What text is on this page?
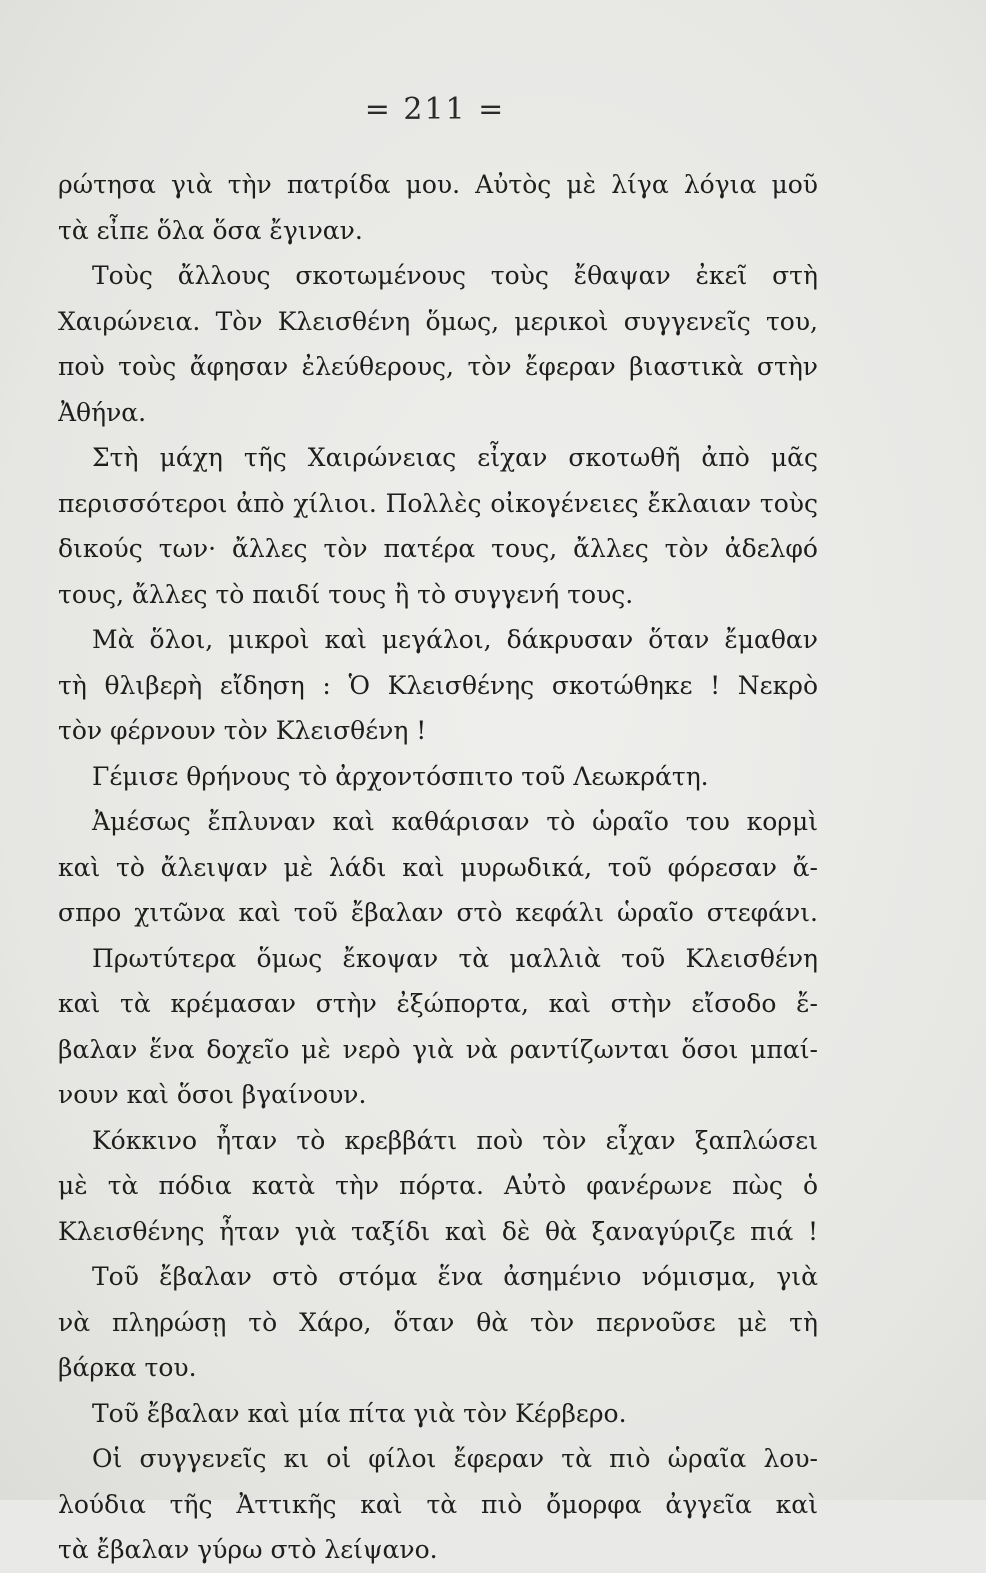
= 211 =
ρώτησα γιὰ τὴν πατρίδα μου. Αὐτὸς μὲ λίγα λόγια μοῦ
τὰ εἶπε ὅλα ὅσα ἔγιναν.
Τοὺς ἄλλους σκοτωμένους τοὺς ἔθαψαν ἐκεῖ στὴ
Χαιρώνεια. Τὸν Κλεισθένη ὅμως, μερικοὶ συγγενεῖς του,
ποὺ τοὺς ἄφησαν ἐλεύθερους, τὸν ἔφεραν βιαστικὰ στὴν
Ἀθήνα.
Στὴ μάχη τῆς Χαιρώνειας εἶχαν σκοτωθῆ ἀπὸ μᾶς
περισσότεροι ἀπὸ χίλιοι. Πολλὲς οἰκογένειες ἔκλαιαν τοὺς
δικούς των· ἄλλες τὸν πατέρα τους, ἄλλες τὸν ἀδελφό
τους, ἄλλες τὸ παιδί τους ἢ τὸ συγγενή τους.
Μὰ ὅλοι, μικροὶ καὶ μεγάλοι, δάκρυσαν ὅταν ἔμαθαν
τὴ θλιβερὴ εἴδηση : Ὁ Κλεισθένης σκοτώθηκε ! Νεκρὸ
τὸν φέρνουν τὸν Κλεισθένη !
Γέμισε θρήνους τὸ ἀρχοντόσπιτο τοῦ Λεωκράτη.
Ἀμέσως ἔπλυναν καὶ καθάρισαν τὸ ὡραῖο του κορμὶ
καὶ τὸ ἄλειψαν μὲ λάδι καὶ μυρωδικά, τοῦ φόρεσαν ἄ-
σπρο χιτῶνα καὶ τοῦ ἔβαλαν στὸ κεφάλι ὡραῖο στεφάνι.
Πρωτύτερα ὅμως ἔκοψαν τὰ μαλλιὰ τοῦ Κλεισθένη
καὶ τὰ κρέμασαν στὴν ἐξώπορτα, καὶ στὴν εἴσοδο ἔ-
βαλαν ἕνα δοχεῖο μὲ νερὸ γιὰ νὰ ραντίζωνται ὅσοι μπαί-
νουν καὶ ὅσοι βγαίνουν.
Κόκκινο ἦταν τὸ κρεββάτι ποὺ τὸν εἶχαν ξαπλώσει
μὲ τὰ πόδια κατὰ τὴν πόρτα. Αὐτὸ φανέρωνε πὼς ὁ
Κλεισθένης ἦταν γιὰ ταξίδι καὶ δὲ θὰ ξαναγύριζε πιά !
Τοῦ ἔβαλαν στὸ στόμα ἕνα ἀσημένιο νόμισμα, γιὰ
νὰ πληρώσῃ τὸ Χάρο, ὅταν θὰ τὸν περνοῦσε μὲ τὴ
βάρκα του.
Τοῦ ἔβαλαν καὶ μία πίτα γιὰ τὸν Κέρβερο.
Οἱ συγγενεῖς κι οἱ φίλοι ἔφεραν τὰ πιὸ ὡραῖα λου-
λούδια τῆς Ἀττικῆς καὶ τὰ πιὸ ὄμορφα ἀγγεῖα καὶ
τὰ ἔβαλαν γύρω στὸ λείψανο.
